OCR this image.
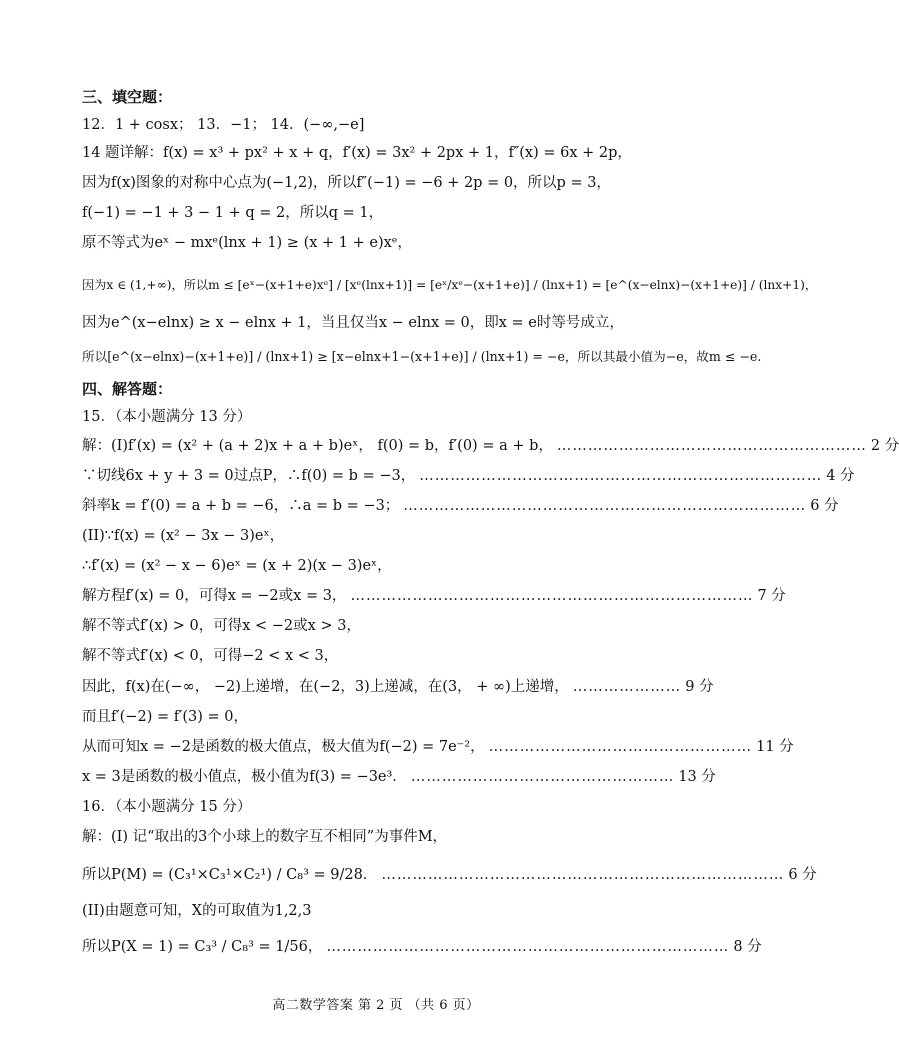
三、填空题：
12．1 + cosx； 13．−1； 14．(−∞,−e]
14 题详解：f(x) = x³ + px² + x + q，f′(x) = 3x² + 2px + 1，f″(x) = 6x + 2p，
因为f(x)图象的对称中心点为(−1,2)，所以f″(−1) = −6 + 2p = 0，所以p = 3，
f(−1) = −1 + 3 − 1 + q = 2，所以q = 1，
原不等式为eˣ − mxᵉ(lnx + 1) ≥ (x + 1 + e)xᵉ，
因为x ∈ (1,+∞)，所以m ≤ [eˣ−(x+1+e)xᵉ] / [xᵉ(lnx+1)] = [eˣ/xᵉ−(x+1+e)] / (lnx+1) = [e^(x−elnx)−(x+1+e)] / (lnx+1)，
因为e^(x−elnx) ≥ x − elnx + 1，当且仅当x − elnx = 0，即x = e时等号成立，
所以[e^(x−elnx)−(x+1+e)] / (lnx+1) ≥ [x−elnx+1−(x+1+e)] / (lnx+1) = −e，所以其最小值为−e，故m ≤ −e.
四、解答题：
15．（本小题满分 13 分）
解：(I)f′(x) = (x² + (a + 2)x + a + b)eˣ， f(0) = b，f′(0) = a + b， …………………………………………………… 2 分
∵切线6x + y + 3 = 0过点P，∴f(0) = b = −3， …………………………………………………………………… 4 分
斜率k = f′(0) = a + b = −6，∴a = b = −3； …………………………………………………………………… 6 分
(II)∵f(x) = (x² − 3x − 3)eˣ，
∴f′(x) = (x² − x − 6)eˣ = (x + 2)(x − 3)eˣ，
解方程f′(x) = 0，可得x = −2或x = 3， …………………………………………………………………… 7 分
解不等式f′(x) > 0，可得x < −2或x > 3，
解不等式f′(x) < 0，可得−2 < x < 3，
因此，f(x)在(−∞， −2)上递增，在(−2，3)上递减，在(3， + ∞)上递增， ………………… 9 分
而且f′(−2) = f′(3) = 0，
从而可知x = −2是函数的极大值点，极大值为f(−2) = 7e⁻²， …………………………………………… 11 分
x = 3是函数的极小值点，极小值为f(3) = −3e³． …………………………………………… 13 分
16．（本小题满分 15 分）
解：(I) 记“取出的3个小球上的数字互不相同”为事件M，
所以P(M) = (C₃¹×C₃¹×C₂¹) / C₈³ = 9/28． …………………………………………………………………… 6 分
(II)由题意可知，X的可取值为1,2,3
所以P(X = 1) = C₃³ / C₈³ = 1/56， …………………………………………………………………… 8 分
高二数学答案 第 2 页 （共 6 页）
